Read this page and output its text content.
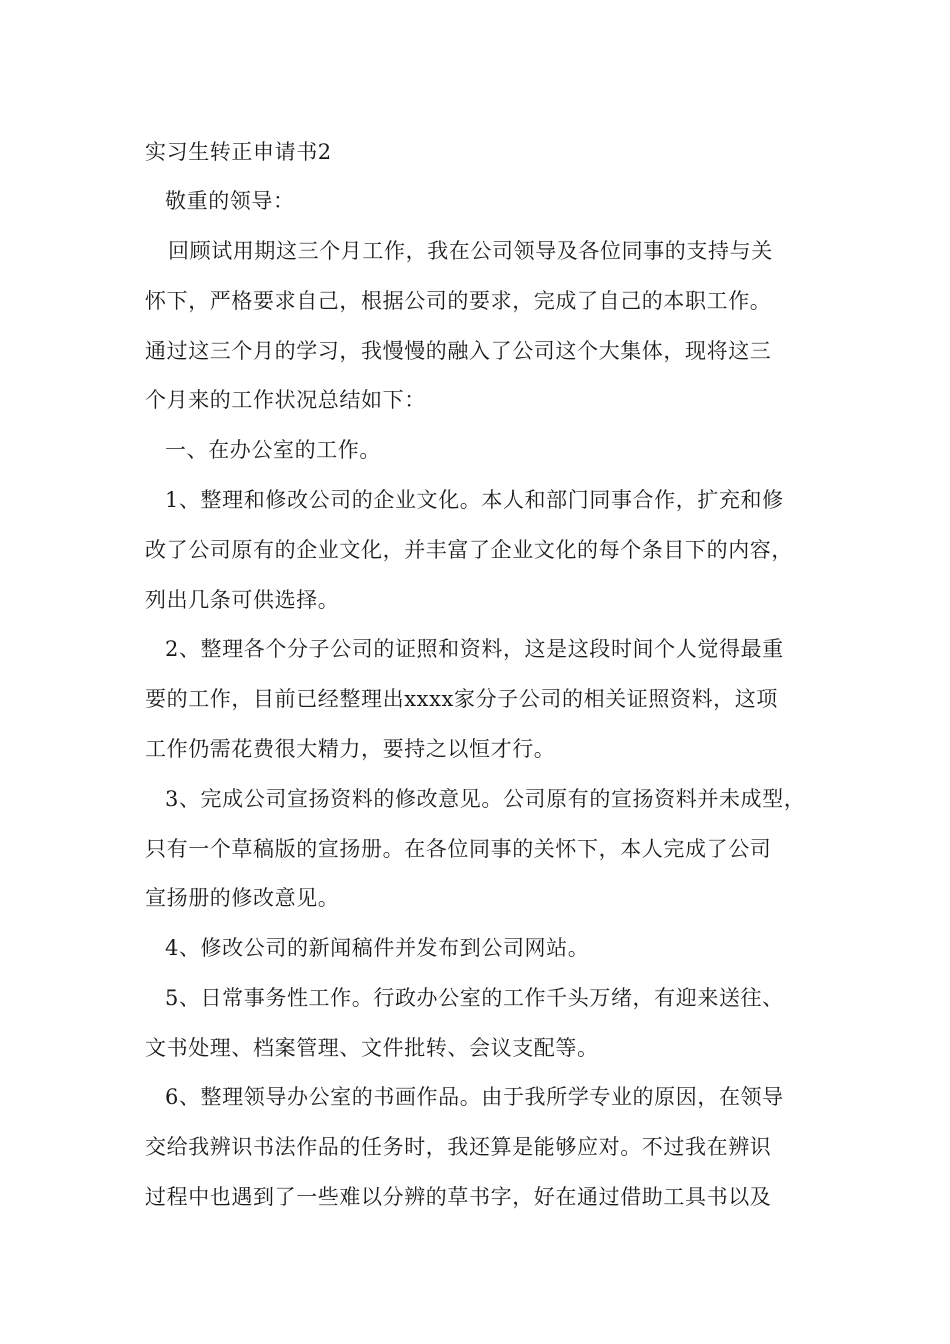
实习生转正申请书2
敬重的领导：
回顾试用期这三个月工作，我在公司领导及各位同事的支持与关
怀下，严格要求自己，根据公司的要求，完成了自己的本职工作。
通过这三个月的学习，我慢慢的融入了公司这个大集体，现将这三
个月来的工作状况总结如下：
一、在办公室的工作。
1、整理和修改公司的企业文化。本人和部门同事合作，扩充和修
改了公司原有的企业文化，并丰富了企业文化的每个条目下的内容，
列出几条可供选择。
2、整理各个分子公司的证照和资料，这是这段时间个人觉得最重
要的工作，目前已经整理出xxxx家分子公司的相关证照资料，这项
工作仍需花费很大精力，要持之以恒才行。
3、完成公司宣扬资料的修改意见。公司原有的宣扬资料并未成型，
只有一个草稿版的宣扬册。在各位同事的关怀下，本人完成了公司
宣扬册的修改意见。
4、修改公司的新闻稿件并发布到公司网站。
5、日常事务性工作。行政办公室的工作千头万绪，有迎来送往、
文书处理、档案管理、文件批转、会议支配等。
6、整理领导办公室的书画作品。由于我所学专业的原因，在领导
交给我辨识书法作品的任务时，我还算是能够应对。不过我在辨识
过程中也遇到了一些难以分辨的草书字，好在通过借助工具书以及
